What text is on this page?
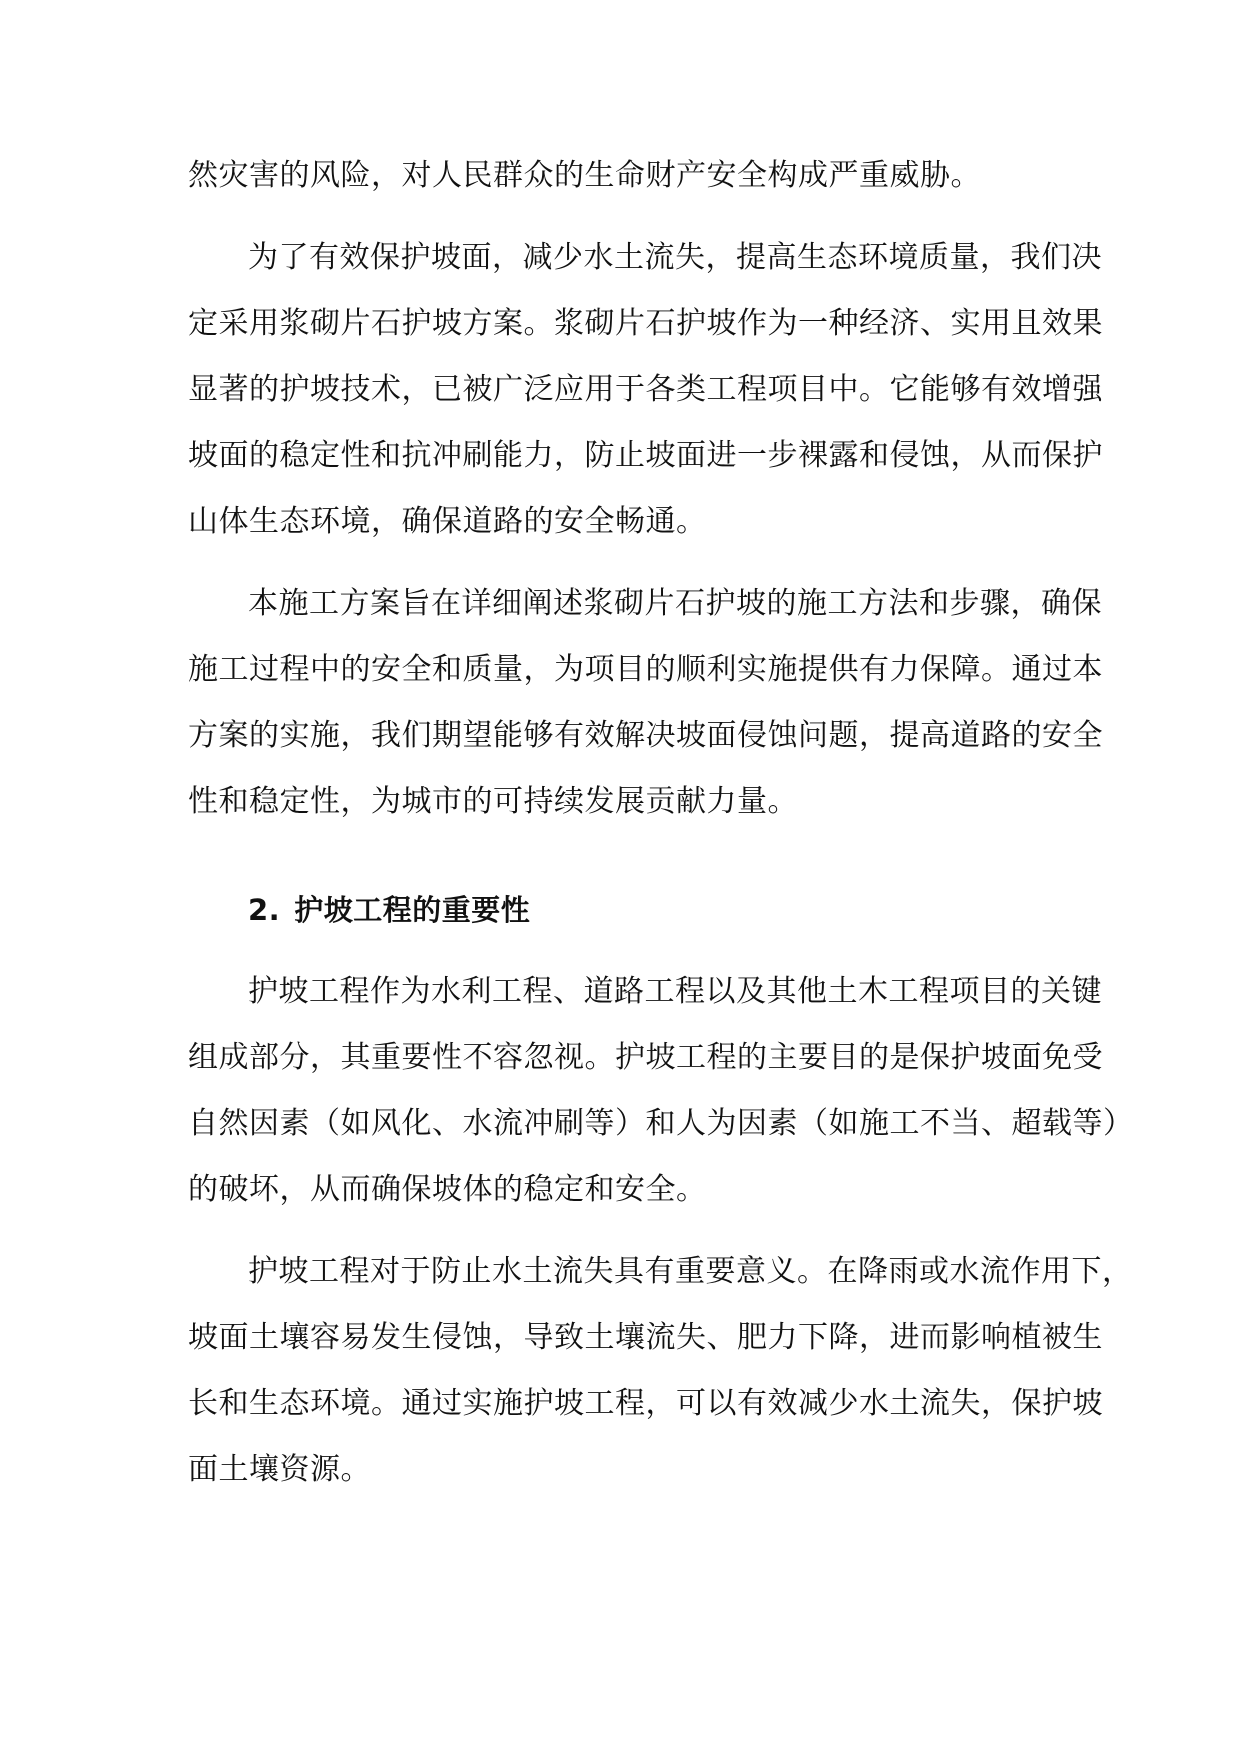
然灾害的风险，对人民群众的生命财产安全构成严重威胁。
为了有效保护坡面，减少水土流失，提高生态环境质量，我们决
定采用浆砌片石护坡方案。浆砌片石护坡作为一种经济、实用且效果
显著的护坡技术，已被广泛应用于各类工程项目中。它能够有效增强
坡面的稳定性和抗冲刷能力，防止坡面进一步裸露和侵蚀，从而保护
山体生态环境，确保道路的安全畅通。
本施工方案旨在详细阐述浆砌片石护坡的施工方法和步骤，确保
施工过程中的安全和质量，为项目的顺利实施提供有力保障。通过本
方案的实施，我们期望能够有效解决坡面侵蚀问题，提高道路的安全
性和稳定性，为城市的可持续发展贡献力量。
2. 护坡工程的重要性
护坡工程作为水利工程、道路工程以及其他土木工程项目的关键
组成部分，其重要性不容忽视。护坡工程的主要目的是保护坡面免受
自然因素（如风化、水流冲刷等）和人为因素（如施工不当、超载等）
的破坏，从而确保坡体的稳定和安全。
护坡工程对于防止水土流失具有重要意义。在降雨或水流作用下，
坡面土壤容易发生侵蚀，导致土壤流失、肥力下降，进而影响植被生
长和生态环境。通过实施护坡工程，可以有效减少水土流失，保护坡
面土壤资源。
